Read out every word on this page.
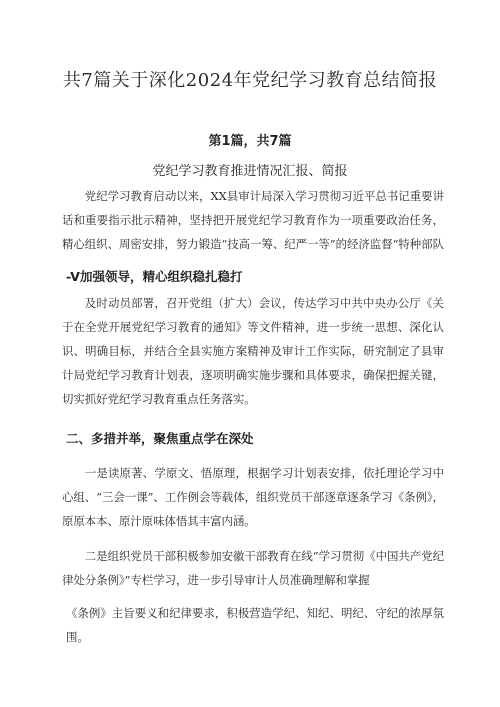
共7篇关于深化2024年党纪学习教育总结简报
第1篇，共7篇
党纪学习教育推进情况汇报、简报

党纪学习教育启动以来，XX县审计局深入学习贯彻习近平总书记重要讲话和重要指示批示精神，坚持把开展党纪学习教育作为一项重要政治任务，精心组织、周密安排，努力锻造“技高一筹、纪严一等”的经济监督“特种部队

-V加强领导，精心组织稳扎稳打

及时动员部署，召开党组（扩大）会议，传达学习中共中央办公厅《关于在全党开展党纪学习教育的通知》等文件精神，进一步统一思想、深化认识、明确目标，并结合全县实施方案精神及审计工作实际，研究制定了县审计局党纪学习教育计划表，逐项明确实施步骤和具体要求，确保把握关键，切实抓好党纪学习教育重点任务落实。

二、多措并举，聚焦重点学在深处

一是读原著、学原文、悟原理，根据学习计划表安排，依托理论学习中心组、“三会一课”、工作例会等载体，组织党员干部逐章逐条学习《条例》，原原本本、原汁原味体悟其丰富内涵。

二是组织党员干部积极参加安徽干部教育在线“学习贯彻《中国共产党纪律处分条例》”专栏学习，进一步引导审计人员准确理解和掌握

《条例》主旨要义和纪律要求，积极营造学纪、知纪、明纪、守纪的浓厚氛围。
